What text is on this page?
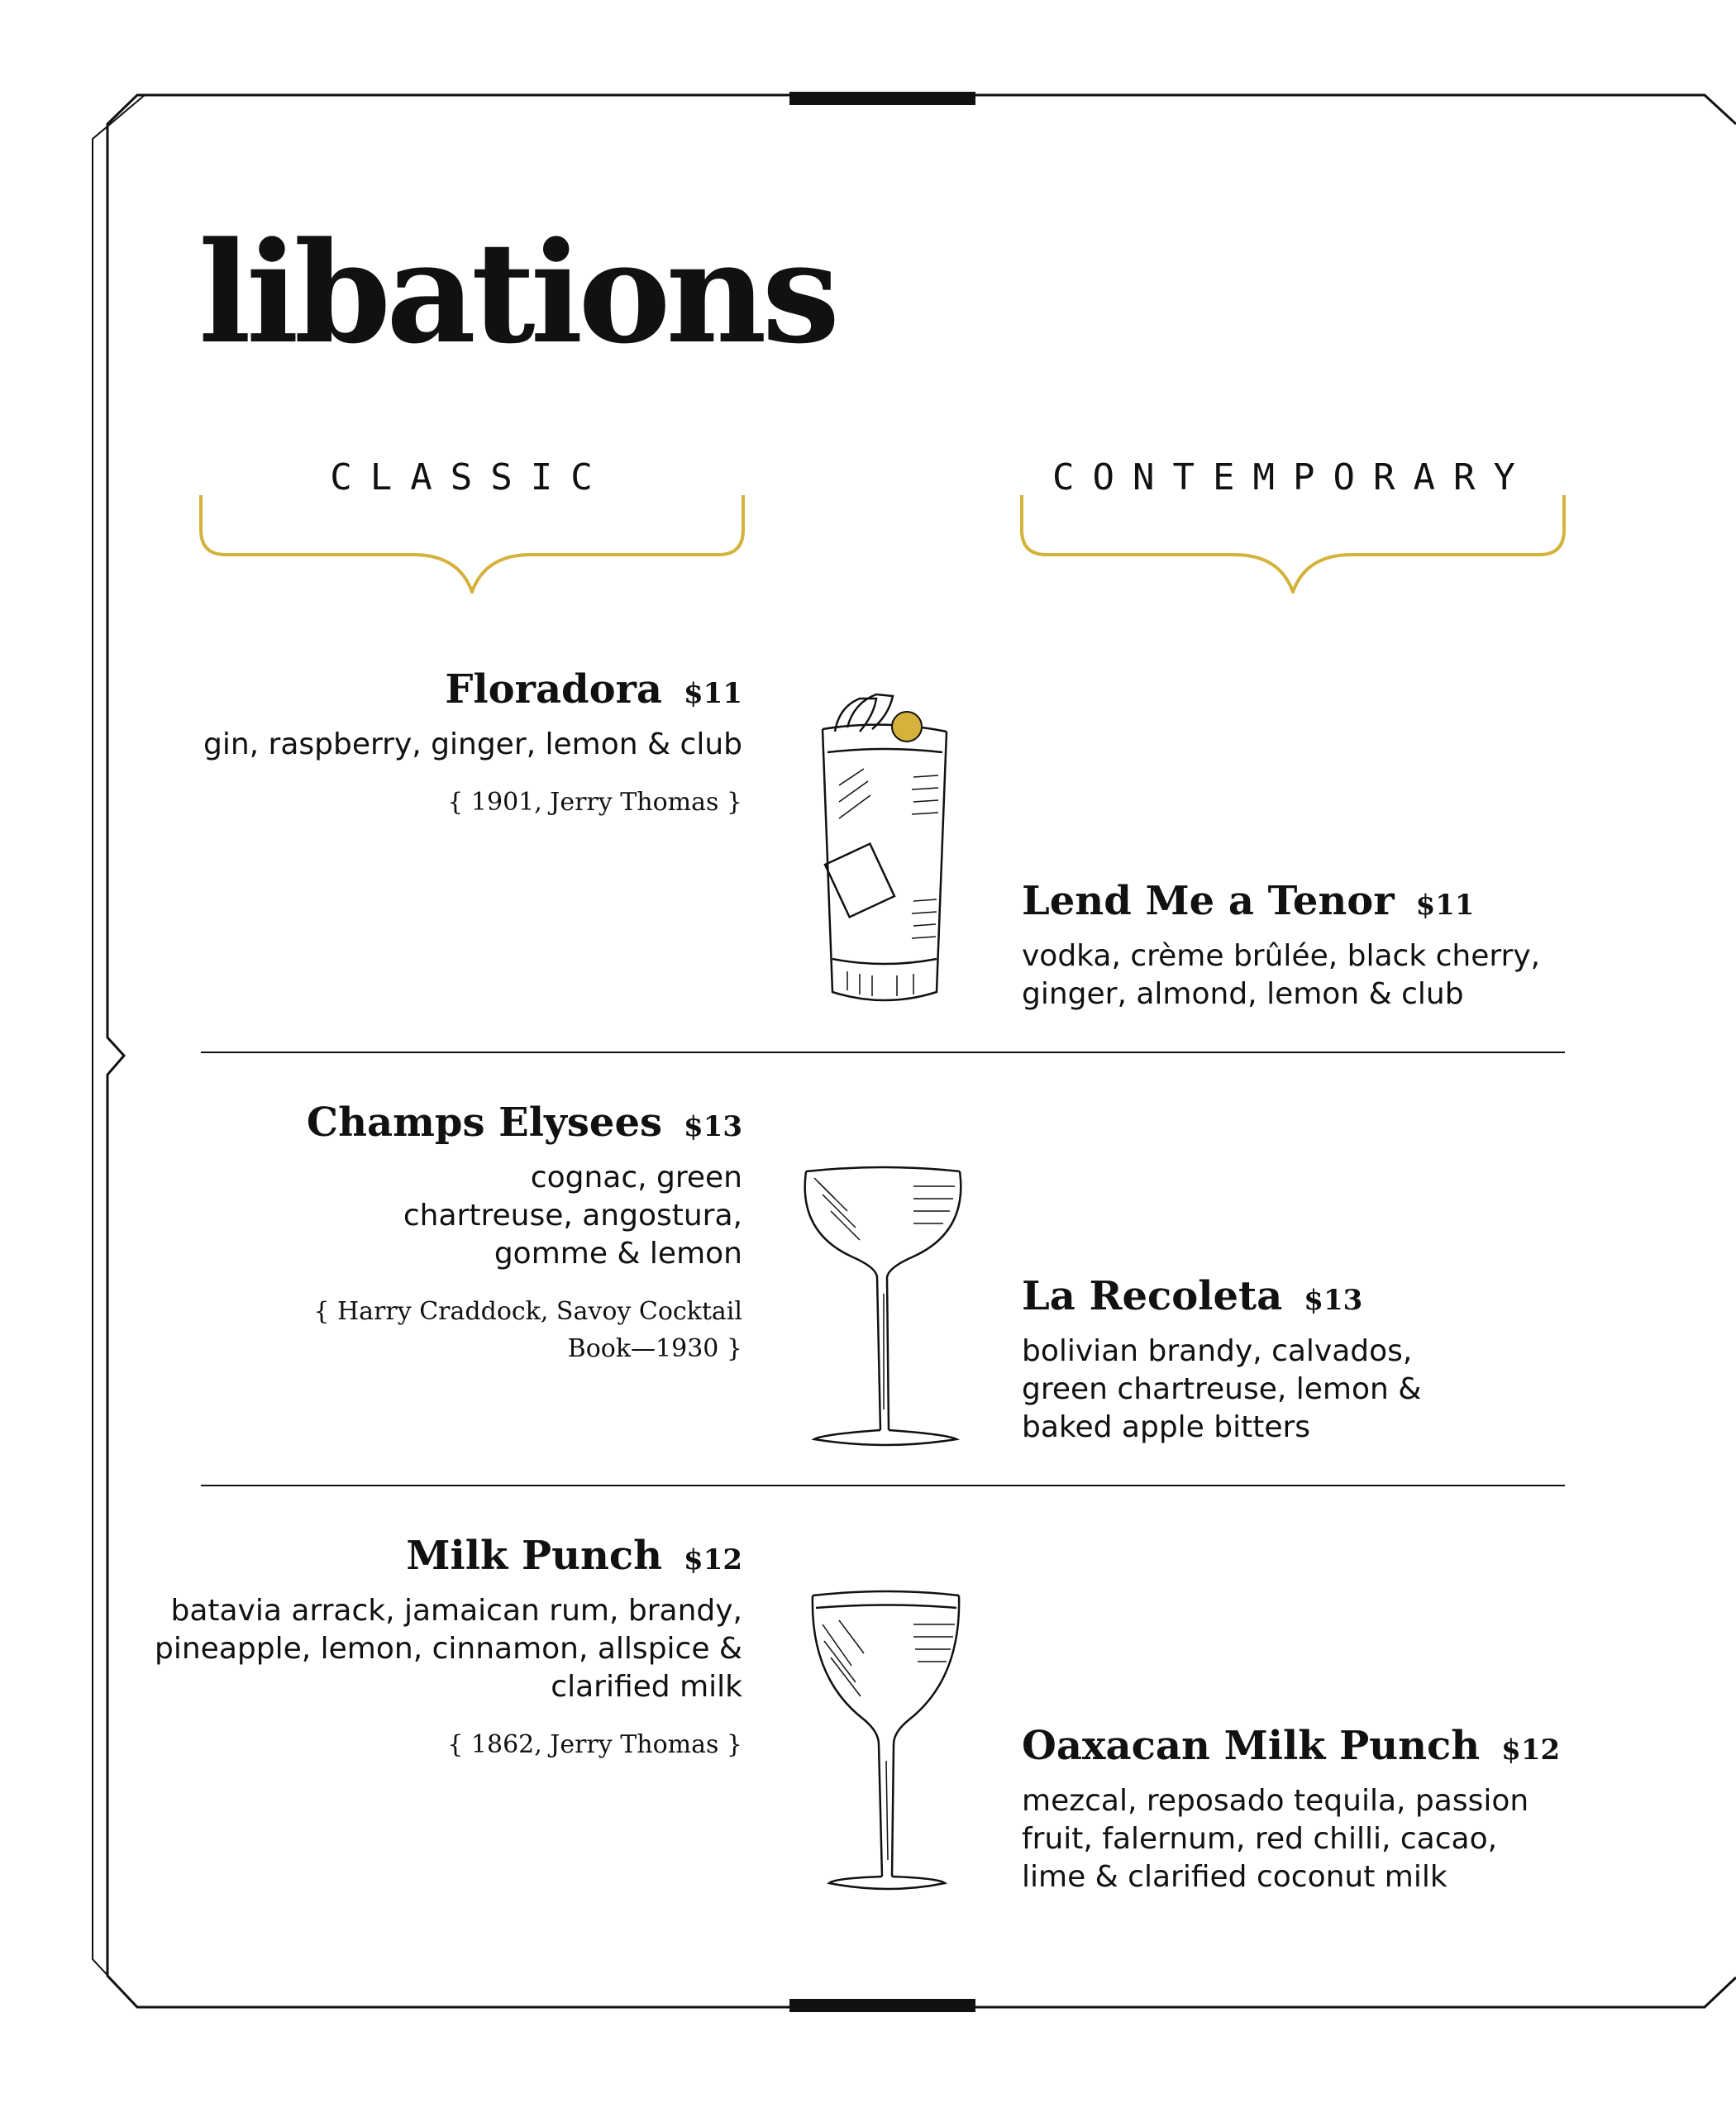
libations
CLASSIC	CONTEMPORARY
Floradora $11
gin, raspberry, ginger, lemon & club
{ 1901, Jerry Thomas }
Lend Me a Tenor $11
vodka, crème brûlée, black cherry, ginger, almond, lemon & club
Champs Elysees $13
cognac, green chartreuse, angostura, gomme & lemon
{ Harry Craddock, Savoy Cocktail Book—1930 }
La Recoleta $13
bolivian brandy, calvados, green chartreuse, lemon & baked apple bitters
Milk Punch $12
batavia arrack, jamaican rum, brandy, pineapple, lemon, cinnamon, allspice & clarified milk
{ 1862, Jerry Thomas }	Oaxacan Milk Punch $12
mezcal, reposado tequila, passion fruit, falernum, red chilli, cacao, lime & clarified coconut milk
